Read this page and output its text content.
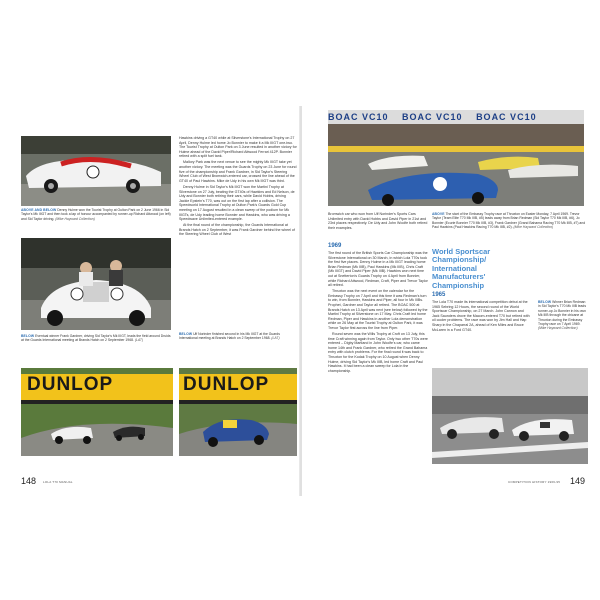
ABOVE AND BELOW Denny Hulme won the Tourist Trophy at Oulton Park on 2 June 1966 in Sid Taylor's Mk IIIGT and then took a lap of honour accompanied by runner-up Richard Attwood (on left) and Sid Taylor driving. (Mike Hayward Collection)
BELOW Eventual winner Frank Gardner, driving Sid Taylor's Mk IIIGT, leads the field around Druids at the Guards International meeting at Brands Hatch on 2 September 1968. (LAT)
DUNLOP	DUNLOP
BELOW Ulf Norinder finished second in his Mk IIIGT at the Guards International meeting at Brands Hatch on 2 September 1968. (LAT)

Hawkins driving a GT40 while at Silverstone's International Trophy on 27 April, Denny Hulme led home Jo Bonnier to make it a Mk IIIGT one-two. The Tourist Trophy at Oulton Park on 3 June resulted in another victory for Hulme ahead of the David Piper/Richard Attwood Ferrari 412P. Bonnier retired with a split fuel tank.

Mallory Park was the next venue to see the mighty Mk IIIGT take yet another victory. The meeting was the Guards Trophy on 23 June for round five of the championship and Frank Gardner, in Sid Taylor's Steering Wheel Club of West Bromwich-entered car, crossed the line ahead of the GT40 of Paul Hawkins. Mike de Udy in his own Mk IIIGT was third.

Denny Hulme in Sid Taylor's Mk IIIGT won the Martini Trophy at Silverstone on 27 July, beating the GT40s of Hawkins and Ed Nelson, de Udy and Bonnier both retiring their cars, while David Hobbs, driving Jackie Epstein's T70, was out on the first lap after a collision. The Speedworld International Trophy at Oulton Park's Guards Gold Cup meeting on 17 August resulted in a clean sweep of the podium for Mk IIIGTs, de Udy leading home Bonnier and Hawkins, who was driving a Speedwave Unlimited-entered example.

At the final round of the championship, the Guards International at Brands Hatch on 2 September, it was Frank Gardner behind the wheel of the Steering Wheel Club of West

148 LOLA T70 MANUAL
BOAC VC10 BOAC VC10 BOAC VC10

Bromwich car who won from Ulf Norinder's Sports Cars Unlimited entry with David Hobbs and David Piper in 21st and 23rd places respectively. De Udy and John Woolfe both retired their examples.

1969

The first round of the British Sports Car Championship was the Silverstone International on 30 March, in which Lola T70s took the first five places. Denny Hulme in a Mk IIIGT leading home Brian Redman (Mk IIIB), Paul Hawkins (Mk IIIB), Chris Craft (Mk IIIGT) and David Piper (Mk IIIB). Hawkins won next time out at Snetterton's Guards Trophy on 4 April from Bonnier, while Richard Attwood, Redman, Craft, Piper and Trevor Taylor all retired.

Thruxton was the next event on the calendar for the Embassy Trophy on 7 April and this time it was Redman's turn to win, from Bonnier, Hawkins and Piper, all four in Mk IIIBs. Prophet, Gardner and Taylor all retired. The BOAC 500 at Brands Hatch on 13 April was next (see below) followed by the Martini Trophy at Silverstone on 17 May. Chris Craft led home Redman, Piper and Hawkins in another Lola demonstration while on 26 May at the Tourist Trophy at Oulton Park, it was Trevor Taylor first across the line from Piper.

Round seven was the Wills Trophy at Croft on 13 July, this time Craft winning again from Taylor. Only two other T70s were entered – Digby Martland in John Woolfe's car, who came home 14th and Frank Gardner, who retired the Grand Bahama entry with clutch problems. For the final round it was back to Thruxton for the Kodak Trophy on 10 August when Denny Hulme, driving Sid Taylor's Mk IIIB, led home Craft and Paul Hawkins. It had been a clean sweep for Lola in the championship.

ABOVE The start of the Embassy Trophy race at Thruxton on Easter Monday, 7 April 1969. Trevor Taylor (Team Elite T70 Mk IIIB, #5) leads away from Brian Redman (Sid Taylor T70 Mk IIIB, #6), Jo Bonnier (Ecurie Bonnier T70 Mk IIIB, #3), Frank Gardner (Grand Bahama Racing T70 Mk IIIB, #7) and Paul Hawkins (Paul Hawkins Racing T70 Mk IIIB, #2). (Mike Hayward Collection)
World Sportscar Championship/ International Manufacturers' Championship
1965

The Lola T70 made its international competition debut at the 1965 Sebring 12 Hours, the second round of the World Sportscar Championship, on 27 March. John Cannon and Jack Saunders drove the Macom-entered T70 but retired with oil cooler problems. The race was won by Jim Hall and Hap Sharp in the Chaparral 2A, ahead of Ken Miles and Bruce McLaren in a Ford GT40.

BELOW Winner Brian Redman in Sid Taylor's T70 Mk IIIB leads runner-up Jo Bonnier in his own Mk IIIB through the chicane at Thruxton during the Embassy Trophy race on 7 April 1969. (Mike Hayward Collection)
COMPETITION HISTORY 1966-95 149
